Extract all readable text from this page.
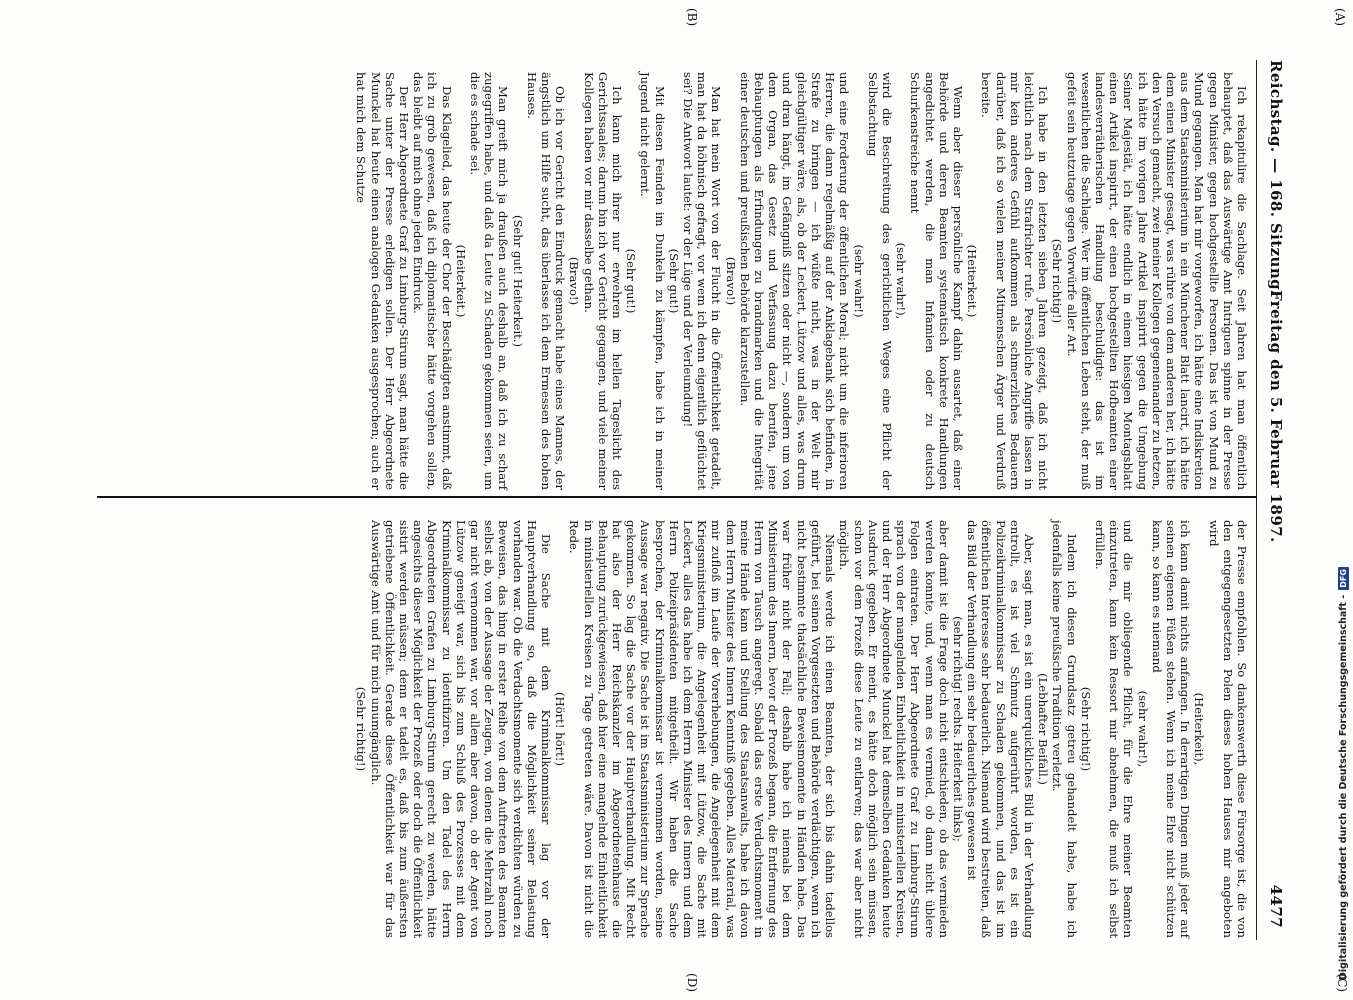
(A)
(B)
(C)
(D)
Reichstag. — 168. Sitzung.
Freitag den 5. Februar 1897.
4477

Ich rekapitulire die Sachlage. Seit Jahren hat man öffentlich behauptet, daß das Auswärtige Amt Intriguen spinne in der Presse gegen Minister, gegen hochgestellte Personen. Das ist von Mund zu Mund gegangen. Man hat mir vorgeworfen, ich hätte eine Indiskretion aus dem Staatsministerium in ein Münchener Blatt lancirt, ich hätte dem einen Minister gesagt, was rühre von dem anderen her, ich hätte den Versuch gemacht, zwei meiner Kollegen gegeneinander zu hetzen, ich hätte im vorigen Jahre Artikel inspirirt gegen die Umgebung Seiner Majestät, ich hätte endlich in einem hiesigen Montagsblatt einen Artikel inspirirt, der einen hochgestellten Hofbeamten einer landesverrätherischen Handlung beschuldigte: das ist im wesentlichen die Sachlage. Wer im öffentlichen Leben steht, der muß gefeit sein heutzutage gegen Vorwürfe aller Art.

(Sehr richtig!)

Ich habe in den letzten sieben Jahren gezeigt, daß ich nicht leichtlich nach dem Strafrichter rufe. Persönliche Angriffe lassen in mir kein anderes Gefühl aufkommen als schmerzliches Bedauern darüber, daß ich so vielen meiner Mitmenschen Ärger und Verdruß bereite.

(Heiterkeit.)

Wenn aber dieser persönliche Kampf dahin ausartet, daß einer Behörde und deren Beamten systematisch konkrete Handlungen angedichtet werden, die man Infamien oder zu deutsch Schurkenstreiche nennt

(sehr wahr!),

wird die Beschreitung des gerichtlichen Weges eine Pflicht der Selbstachtung

(sehr wahr!)

und eine Forderung der öffentlichen Moral; nicht um die inferioren Herren, die dann regelmäßig auf der Anklagebank sich befinden, in Strafe zu bringen — ich wüßte nicht, was in der Welt mir gleichgültiger wäre, als, ob der Leckert, Lützow und alles, was drum und dran hängt, im Gefängniß sitzen oder nicht —, sondern um von dem Organ, das Gesetz und Verfassung dazu berufen, jene Behauptungen als Erfindungen zu brandmarken und die Integrität einer deutschen und preußischen Behörde klarzustellen.

(Bravo!)

Man hat mein Wort von der Flucht in die Öffentlichkeit getadelt, man hat da höhnisch gefragt, vor wem ich denn eigentlich geflüchtet sei? Die Antwort lautet: vor der Lüge und der Verleumdung!

(Sehr gut!)

Mit diesen Feinden im Dunkeln zu kämpfen, habe ich in meiner Jugend nicht gelernt.

(Sehr gut!)

Ich kann mich ihrer nur erwehren im hellen Tageslicht des Gerichtssaales; darum bin ich vor Gericht gegangen, und viele meiner Kollegen haben vor mir dasselbe gethan.

(Bravo!)

Ob ich vor Gericht den Eindruck gemacht habe eines Mannes, der ängstlich um Hilfe sucht, das überlasse ich dem Ermessen des hohen Hauses.

(Sehr gut! Heiterkeit.)

Man greift mich ja draußen auch deshalb an, daß ich zu scharf zugegriffen habe, und daß da Leute zu Schaden gekommen seien, um die es schade sei.

(Heiterkeit.)

Das Klagelied, das heute der Chor der Beschädigten anstimmt, daß ich zu grob gewesen, daß ich diplomatischer hätte vorgehen sollen, das bleibt auf mich ohne jeden Eindruck.

Der Herr Abgeordnete Graf zu Limburg-Stirum sagt, man hätte die Sache unter der Presse erledigen sollen. Der Herr Abgeordnete Munckel hat heute einen analogen Gedanken ausgesprochen; auch er hat mich dem Schutze

der Presse empfohlen. So dankenswerth diese Fürsorge ist, die von den entgegengesetzten Polen dieses hohen Hauses mir angeboten wird

(Heiterkeit),

ich kann damit nichts anfangen. In derartigen Dingen muß jeder auf seinen eigenen Füßen stehen. Wenn ich meine Ehre nicht schützen kann, so kann es niemand

(sehr wahr!),

und die mir obliegende Pflicht, für die Ehre meiner Beamten einzutreten, kann kein Ressort mir abnehmen, die muß ich selbst erfüllen.

(Sehr richtig!)

Indem ich diesen Grundsatz getreu gehandelt habe, habe ich jedenfalls keine preußische Tradition verletzt.

(Lebhafter Beifall.)

Aber, sagt man, es ist ein unerquickliches Bild in der Verhandlung entrollt, es ist viel Schmutz aufgerührt worden, es ist ein Polizeikriminalkommissar zu Schaden gekommen, und das ist im öffentlichen Interesse sehr bedauerlich. Niemand wird bestreiten, daß das Bild der Verhandlung ein sehr bedauerliches gewesen ist

(sehr richtig! rechts. Heiterkeit links);

aber damit ist die Frage doch nicht entschieden, ob das vermieden werden konnte, und, wenn man es vermied, ob dann nicht üblere Folgen eintraten. Der Herr Abgeordnete Graf zu Limburg-Stirum sprach von der mangelnden Einheitlichkeit in ministeriellen Kreisen, und der Herr Abgeordnete Munckel hat demselben Gedanken heute Ausdruck gegeben. Er meint, es hätte doch möglich sein müssen, schon vor dem Prozeß diese Leute zu entlarven; das war aber nicht möglich.

Niemals werde ich einen Beamten, der sich bis dahin tadellos geführt, bei seinen Vorgesetzten und Behörde verdächtigen, wenn ich nicht bestimmte thatsächliche Beweismomente in Händen habe. Das war früher nicht der Fall; deshalb habe ich niemals bei dem Ministerium des Innern, bevor der Prozeß begann, die Entfernung des Herrn von Tausch angeregt. Sobald das erste Verdachtsmoment in meine Hände kam und Stellung des Staatsanwalts, habe ich davon dem Herrn Minister des Innern Kenntniß gegeben. Alles Material, was mir zufloß im Laufe der Vorerhebungen, die Angelegenheit mit dem Kriegsministerium, die Angelegenheit mit Lützow, die Sache mit Leckert, alles das habe ich dem Herrn Minister des Innern und dem Herrn Polizeipräsidenten mitgetheilt. Wir haben die Sache besprochen, der Kriminalkommissar ist vernommen worden, seine Aussage war negativ. Die Sache ist im Staatsministerium zur Sprache gekommen. So lag die Sache vor der Hauptverhandlung. Mit Recht hat also der Herr Reichskanzler im Abgeordnetenhause die Behauptung zurückgewiesen, daß hier eine mangelnde Einheitlichkeit in ministeriellen Kreisen zu Tage getreten wäre. Davon ist nicht die Rede.

(Hört! hört!)

Die Sache mit dem Kriminalkommissar lag vor der Hauptverhandlung so, daß die Möglichkeit seiner Belastung vorhanden war. Ob die Verdachtsmomente sich verdichten würden zu Beweisen, das hing in erster Reihe von dem Auftreten des Beamten selbst ab, von der Aussage der Zeugen, von denen die Mehrzahl noch gar nicht vernommen war, vor allem aber davon, ob der Agent von Lützow geneigt war, sich bis zum Schluß des Prozesses mit dem Kriminalkommissar zu identifiziren. Um den Tadel des Herrn Abgeordneten Grafen zu Limburg-Stirum gerecht zu werden, hätte angesichts dieser Möglichkeit der Prozeß oder doch die Öffentlichkeit sistirt werden müssen; denn er tadelt es, daß bis zum äußersten getriebene Öffentlichkeit. Gerade diese Öffentlichkeit war für das Auswärtige Amt und für mich unumgänglich.

(Sehr richtig!)	Digitalisierung gefördert durch die Deutsche Forschungsgemeinschaft -
DFG
